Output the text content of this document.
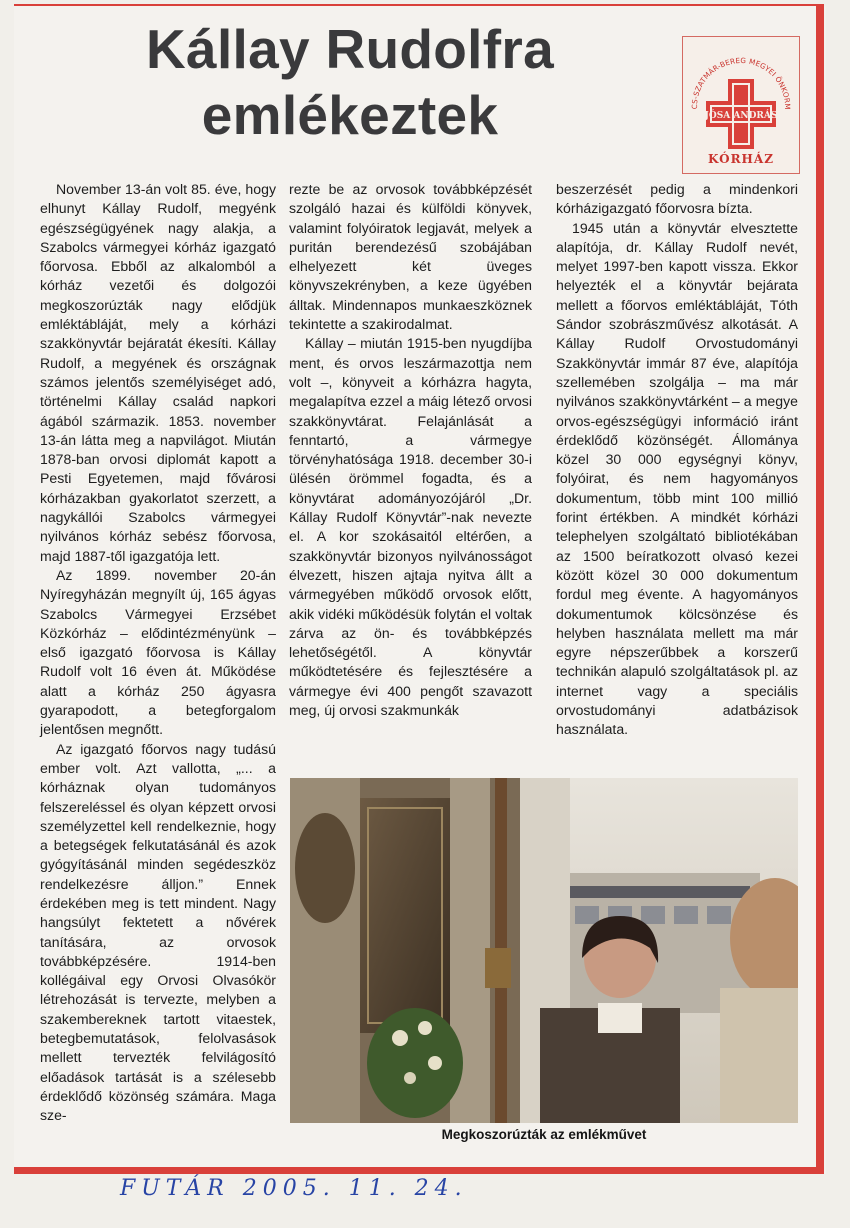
Kállay Rudolfra
emlékeztek	CS-SZATMÁR-BEREG MEGYEI ÖNKORM
JÓSA ANDRÁS
KÓRHÁZ

November 13-án volt 85. éve, hogy elhunyt Kállay Rudolf, megyénk egészségügyének nagy alakja, a Szabolcs vármegyei kórház igazgató főorvosa. Ebből az alkalomból a kórház vezetői és dolgozói megkoszorúzták nagy elődjük emléktábláját, mely a kórházi szakkönyvtár bejáratát ékesíti. Kállay Rudolf, a megyének és országnak számos jelentős személyiséget adó, történelmi Kállay család napkori ágából származik. 1853. november 13-án látta meg a napvilágot. Miután 1878-ban orvosi diplomát kapott a Pesti Egyetemen, majd fővárosi kórházakban gyakorlatot szerzett, a nagykállói Szabolcs vármegyei nyilvános kórház sebész főorvosa, majd 1887-től igazgatója lett.

Az 1899. november 20-án Nyíregyházán megnyílt új, 165 ágyas Szabolcs Vármegyei Erzsébet Közkórház – elődintézményünk – első igazgató főorvosa is Kállay Rudolf volt 16 éven át. Működése alatt a kórház 250 ágyasra gyarapodott, a betegforgalom jelentősen megnőtt.

Az igazgató főorvos nagy tudású ember volt. Azt vallotta, „... a kórháznak olyan tudományos felszereléssel és olyan képzett orvosi személyzettel kell rendelkeznie, hogy a betegségek felkutatásánál és azok gyógyításánál minden segédeszköz rendelkezésre álljon.” Ennek érdekében meg is tett mindent. Nagy hangsúlyt fektetett a nővérek tanítására, az orvosok továbbképzésére. 1914-ben kollégáival egy Orvosi Olvasókör létrehozását is tervezte, melyben a szakembereknek tartott vitaestek, betegbemutatások, felolvasások mellett tervezték felvilágosító előadások tartását is a szélesebb érdeklődő közönség számára. Maga sze-

rezte be az orvosok továbbképzését szolgáló hazai és külföldi könyvek, valamint folyóiratok legjavát, melyek a puritán berendezésű szobájában elhelyezett két üveges könyvszekrényben, a keze ügyében álltak. Mindennapos munkaeszköznek tekintette a szakirodalmat.

Kállay – miután 1915-ben nyugdíjba ment, és orvos leszármazottja nem volt –, könyveit a kórházra hagyta, megalapítva ezzel a máig létező orvosi szakkönyvtárat. Felajánlását a fenntartó, a vármegye törvényhatósága 1918. december 30-i ülésén örömmel fogadta, és a könyvtárat adományozójáról „Dr. Kállay Rudolf Könyvtár”-nak nevezte el. A kor szokásaitól eltérően, a szakkönyvtár bizonyos nyilvánosságot élvezett, hiszen ajtaja nyitva állt a vármegyében működő orvosok előtt, akik vidéki működésük folytán el voltak zárva az ön- és továbbképzés lehetőségétől. A könyvtár működtetésére és fejlesztésére a vármegye évi 400 pengőt szavazott meg, új orvosi szakmunkák

beszerzését pedig a mindenkori kórházigazgató főorvosra bízta.

1945 után a könyvtár elvesztette alapítója, dr. Kállay Rudolf nevét, melyet 1997-ben kapott vissza. Ekkor helyezték el a könyvtár bejárata mellett a főorvos emléktábláját, Tóth Sándor szobrászművész alkotását. A Kállay Rudolf Orvostudományi Szakkönyvtár immár 87 éve, alapítója szellemében szolgálja – ma már nyilvános szakkönyvtárként – a megye orvos-egészségügyi információ iránt érdeklődő közönségét. Állománya közel 30 000 egységnyi könyv, folyóirat, és nem hagyományos dokumentum, több mint 100 millió forint értékben. A mindkét kórházi telephelyen szolgáltató bibliotékában az 1500 beíratkozott olvasó kezei között közel 30 000 dokumentum fordul meg évente. A hagyományos dokumentumok kölcsönzése és helyben használata mellett ma már egyre népszerűbbek a korszerű technikán alapuló szolgáltatások pl. az internet vagy a speciális orvostudományi adatbázisok használata.

Megkoszorúzták az emlékművet
FUTÁR 2005. 11. 24.
